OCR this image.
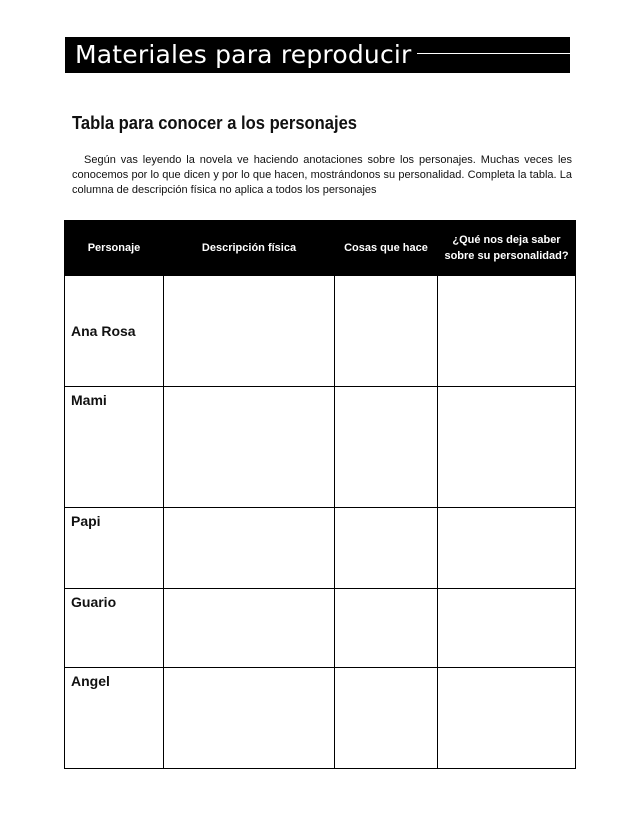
Materiales para reproducir
Tabla para conocer a los personajes

Según vas leyendo la novela ve haciendo anotaciones sobre los personajes. Muchas veces les conocemos por lo que dicen y por lo que hacen, mostrándonos su personalidad. Completa la tabla. La columna de descripción física no aplica a todos los personajes

Personaje	Descripción física	Cosas que hace	¿Qué nos deja saber sobre su personalidad?

Ana Rosa			

Mami			

Papi			

Guario			

Angel			
